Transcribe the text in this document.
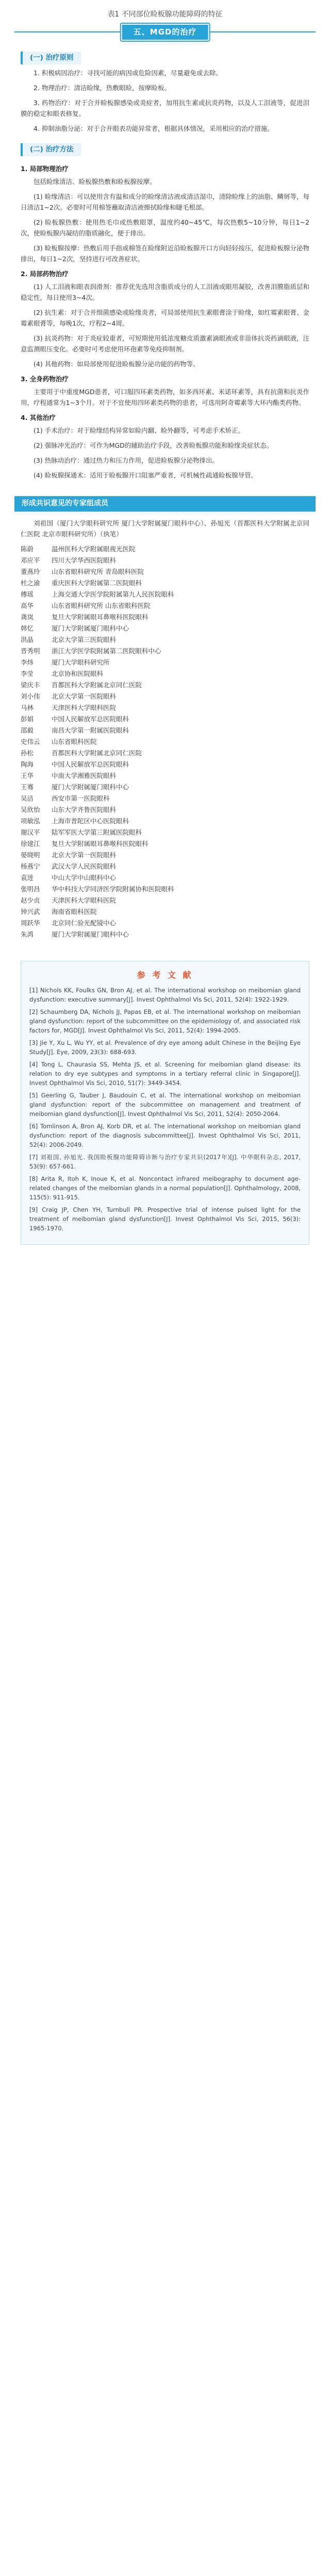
表1 不同部位睑板腺功能障碍的特征
五、MGD的治疗
(一) 治疗原则

1. 积极病因治疗：寻找可能的病因或危险因素，尽量避免或去除。

2. 物理治疗：清洁睑缘，热敷眼睑，按摩睑板。

3. 药物治疗：对于合并睑板腺感染或炎症者，加用抗生素或抗炎药物，以及人工泪液等，促进泪膜的稳定和眼表修复。

4. 抑制油脂分泌：对于合并眼表功能异常者，根据具体情况，采用相应的治疗措施。

(二) 治疗方法
1. 局部物理治疗

包括睑缘清洁、睑板腺热敷和睑板腺按摩。

(1) 睑缘清洁：可以使用含有温和成分的睑缘清洁液或清洁湿巾，清除睑缘上的油脂、鳞屑等，每日清洁1~2次。必要时可用棉签蘸取清洁液擦拭睑缘和睫毛根部。

(2) 睑板腺热敷：使用热毛巾或热敷眼罩，温度约40~45℃，每次热敷5~10分钟，每日1~2次，使睑板腺内凝结的脂质融化，便于排出。

(3) 睑板腺按摩：热敷后用手指或棉签在睑缘附近沿睑板腺开口方向轻轻按压，促进睑板腺分泌物排出，每日1~2次，坚持进行可改善症状。

2. 局部药物治疗

(1) 人工泪液和眼表润滑剂：推荐优先选用含脂质成分的人工泪液或眼用凝胶，改善泪膜脂质层和稳定性，每日使用3~4次。

(2) 抗生素：对于合并细菌感染或睑缘炎者，可局部使用抗生素眼膏涂于睑缘，如红霉素眼膏、金霉素眼膏等，每晚1次，疗程2~4周。

(3) 抗炎药物：对于炎症较重者，可短期使用低浓度糖皮质激素滴眼液或非甾体抗炎药滴眼液，注意监测眼压变化。必要时可考虑使用环孢素等免疫抑制剂。

(4) 其他药物：如局部使用促进睑板腺分泌功能的药物等。

3. 全身药物治疗

主要用于中重度MGD患者，可口服四环素类药物，如多西环素、米诺环素等，具有抗菌和抗炎作用，疗程通常为1~3个月。对于不宜使用四环素类药物的患者，可选用阿奇霉素等大环内酯类药物。

4. 其他治疗

(1) 手术治疗：对于睑缘结构异常如睑内翻、睑外翻等，可考虑手术矫正。

(2) 强脉冲光治疗：可作为MGD的辅助治疗手段，改善睑板腺功能和睑缘炎症状态。

(3) 热脉动治疗：通过热力和压力作用，促进睑板腺分泌物排出。

(4) 睑板腺探通术：适用于睑板腺开口阻塞严重者，可机械性疏通睑板腺导管。

形成共识意见的专家组成员

刘祖国（厦门大学眼科研究所 厦门大学附属厦门眼科中心）、孙旭光（首都医科大学附属北京同仁医院 北京市眼科研究所）（执笔）

陈蔚	温州医科大学附属眼视光医院
邓应平	四川大学华西医院眼科
董燕玲	山东省眼科研究所 青岛眼科医院
杜之渝	重庆医科大学附属第二医院眼科
傅瑶	上海交通大学医学院附属第九人民医院眼科
高华	山东省眼科研究所 山东省眼科医院
龚岚	复旦大学附属眼耳鼻喉科医院眼科
韩忆	厦门大学附属厦门眼科中心
洪晶	北京大学第三医院眼科
晋秀明	浙江大学医学院附属第二医院眼科中心
李炜	厦门大学眼科研究所
李莹	北京协和医院眼科
梁庆丰	首都医科大学附属北京同仁医院
刘小伟	北京大学第一医院眼科
马林	天津医科大学眼科医院
彭娟	中国人民解放军总医院眼科
邵毅	南昌大学第一附属医院眼科
史伟云	山东省眼科医院
孙松	首都医科大学附属北京同仁医院
陶海	中国人民解放军总医院眼科
王华	中南大学湘雅医院眼科
王骞	厦门大学附属厦门眼科中心
吴洁	西安市第一医院眼科
吴欣怡	山东大学齐鲁医院眼科
项敏泓	上海市普陀区中心医院眼科
谢汉平	陆军军医大学第三附属医院眼科
徐建江	复旦大学附属眼耳鼻喉科医院眼科
晏晓明	北京大学第一医院眼科
杨燕宁	武汉大学人民医院眼科
袁进	中山大学中山眼科中心
张明昌	华中科技大学同济医学院附属协和医院眼科
赵少贞	天津医科大学眼科医院
钟兴武	海南省眼科医院
周跃华	北京同仁验光配镜中心
朱鸿	厦门大学附属厦门眼科中心
参 考 文 献
[1] Nichols KK, Foulks GN, Bron AJ, et al. The international workshop on meibomian gland dysfunction: executive summary[J]. Invest Ophthalmol Vis Sci, 2011, 52(4): 1922-1929.
[2] Schaumberg DA, Nichols JJ, Papas EB, et al. The international workshop on meibomian gland dysfunction: report of the subcommittee on the epidemiology of, and associated risk factors for, MGD[J]. Invest Ophthalmol Vis Sci, 2011, 52(4): 1994-2005.
[3] Jie Y, Xu L, Wu YY, et al. Prevalence of dry eye among adult Chinese in the Beijing Eye Study[J]. Eye, 2009, 23(3): 688-693.
[4] Tong L, Chaurasia SS, Mehta JS, et al. Screening for meibomian gland disease: its relation to dry eye subtypes and symptoms in a tertiary referral clinic in Singapore[J]. Invest Ophthalmol Vis Sci, 2010, 51(7): 3449-3454.
[5] Geerling G, Tauber J, Baudouin C, et al. The international workshop on meibomian gland dysfunction: report of the subcommittee on management and treatment of meibomian gland dysfunction[J]. Invest Ophthalmol Vis Sci, 2011, 52(4): 2050-2064.
[6] Tomlinson A, Bron AJ, Korb DR, et al. The international workshop on meibomian gland dysfunction: report of the diagnosis subcommittee[J]. Invest Ophthalmol Vis Sci, 2011, 52(4): 2006-2049.
[7] 刘祖国, 孙旭光. 我国睑板腺功能障碍诊断与治疗专家共识(2017年)[J]. 中华眼科杂志, 2017, 53(9): 657-661.
[8] Arita R, Itoh K, Inoue K, et al. Noncontact infrared meibography to document age-related changes of the meibomian glands in a normal population[J]. Ophthalmology, 2008, 115(5): 911-915.
[9] Craig JP, Chen YH, Turnbull PR. Prospective trial of intense pulsed light for the treatment of meibomian gland dysfunction[J]. Invest Ophthalmol Vis Sci, 2015, 56(3): 1965-1970.
